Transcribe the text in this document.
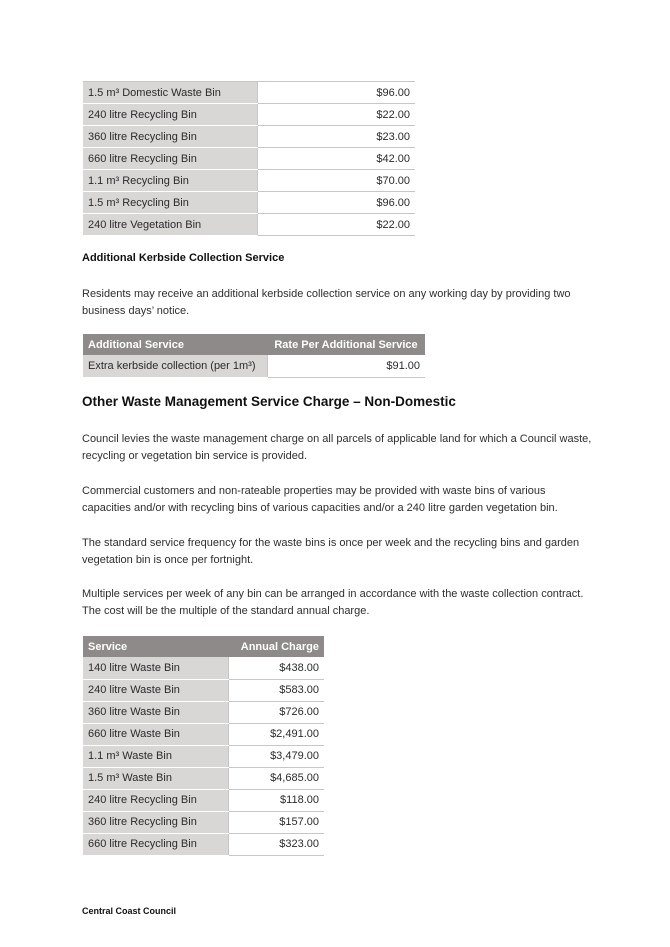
1.5 m³ Domestic Waste Bin	$96.00
240 litre Recycling Bin	$22.00
360 litre Recycling Bin	$23.00
660 litre Recycling Bin	$42.00
1.1 m³ Recycling Bin	$70.00
1.5 m³ Recycling Bin	$96.00
240 litre Vegetation Bin	$22.00
Additional Kerbside Collection Service

Residents may receive an additional kerbside collection service on any working day by providing two business days’ notice.

Additional Service	Rate Per Additional Service
Extra kerbside collection (per 1m³)	$91.00
Other Waste Management Service Charge – Non-Domestic

Council levies the waste management charge on all parcels of applicable land for which a Council waste, recycling or vegetation bin service is provided.

Commercial customers and non-rateable properties may be provided with waste bins of various capacities and/or with recycling bins of various capacities and/or a 240 litre garden vegetation bin.

The standard service frequency for the waste bins is once per week and the recycling bins and garden vegetation bin is once per fortnight.

Multiple services per week of any bin can be arranged in accordance with the waste collection contract. The cost will be the multiple of the standard annual charge.

Service	Annual Charge
140 litre Waste Bin	$438.00
240 litre Waste Bin	$583.00
360 litre Waste Bin	$726.00
660 litre Waste Bin	$2,491.00
1.1 m³ Waste Bin	$3,479.00
1.5 m³ Waste Bin	$4,685.00
240 litre Recycling Bin	$118.00
360 litre Recycling Bin	$157.00
660 litre Recycling Bin	$323.00

Central Coast Council
